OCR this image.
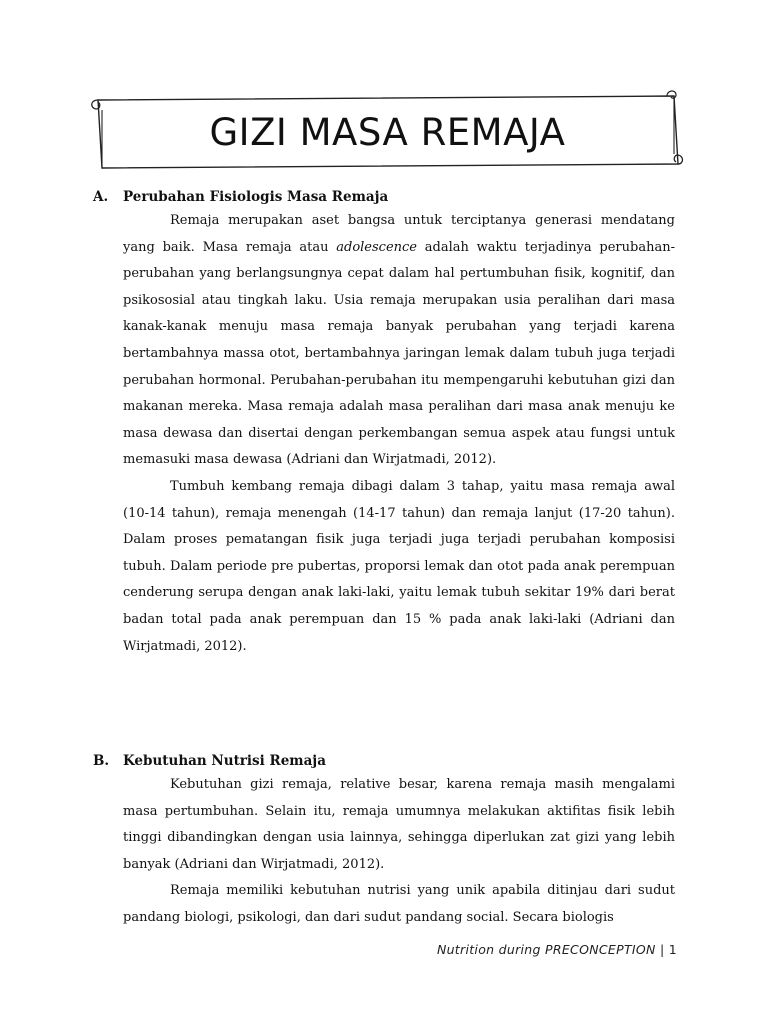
GIZI MASA REMAJA
A. Perubahan Fisiologis Masa Remaja

Remaja merupakan aset bangsa untuk terciptanya generasi mendatang yang baik. Masa remaja atau adolescence adalah waktu terjadinya perubahan-perubahan yang berlangsungnya cepat dalam hal pertumbuhan fisik, kognitif, dan psikososial atau tingkah laku. Usia remaja merupakan usia peralihan dari masa kanak-kanak menuju masa remaja banyak perubahan yang terjadi karena bertambahnya massa otot, bertambahnya jaringan lemak dalam tubuh juga terjadi perubahan hormonal. Perubahan-perubahan itu mempengaruhi kebutuhan gizi dan makanan mereka. Masa remaja adalah masa peralihan dari masa anak menuju ke masa dewasa dan disertai dengan perkembangan semua aspek atau fungsi untuk memasuki masa dewasa (Adriani dan Wirjatmadi, 2012).

Tumbuh kembang remaja dibagi dalam 3 tahap, yaitu masa remaja awal (10-14 tahun), remaja menengah (14-17 tahun) dan remaja lanjut (17-20 tahun). Dalam proses pematangan fisik juga terjadi juga terjadi perubahan komposisi tubuh. Dalam periode pre pubertas, proporsi lemak dan otot pada anak perempuan cenderung serupa dengan anak laki-laki, yaitu lemak tubuh sekitar 19% dari berat badan total pada anak perempuan dan 15 % pada anak laki-laki (Adriani dan Wirjatmadi, 2012).

B. Kebutuhan Nutrisi Remaja

Kebutuhan gizi remaja, relative besar, karena remaja masih mengalami masa pertumbuhan. Selain itu, remaja umumnya melakukan aktifitas fisik lebih tinggi dibandingkan dengan usia lainnya, sehingga diperlukan zat gizi yang lebih banyak (Adriani dan Wirjatmadi, 2012).

Remaja memiliki kebutuhan nutrisi yang unik apabila ditinjau dari sudut pandang biologi, psikologi, dan dari sudut pandang social. Secara biologis

Nutrition during PRECONCEPTION | 1
